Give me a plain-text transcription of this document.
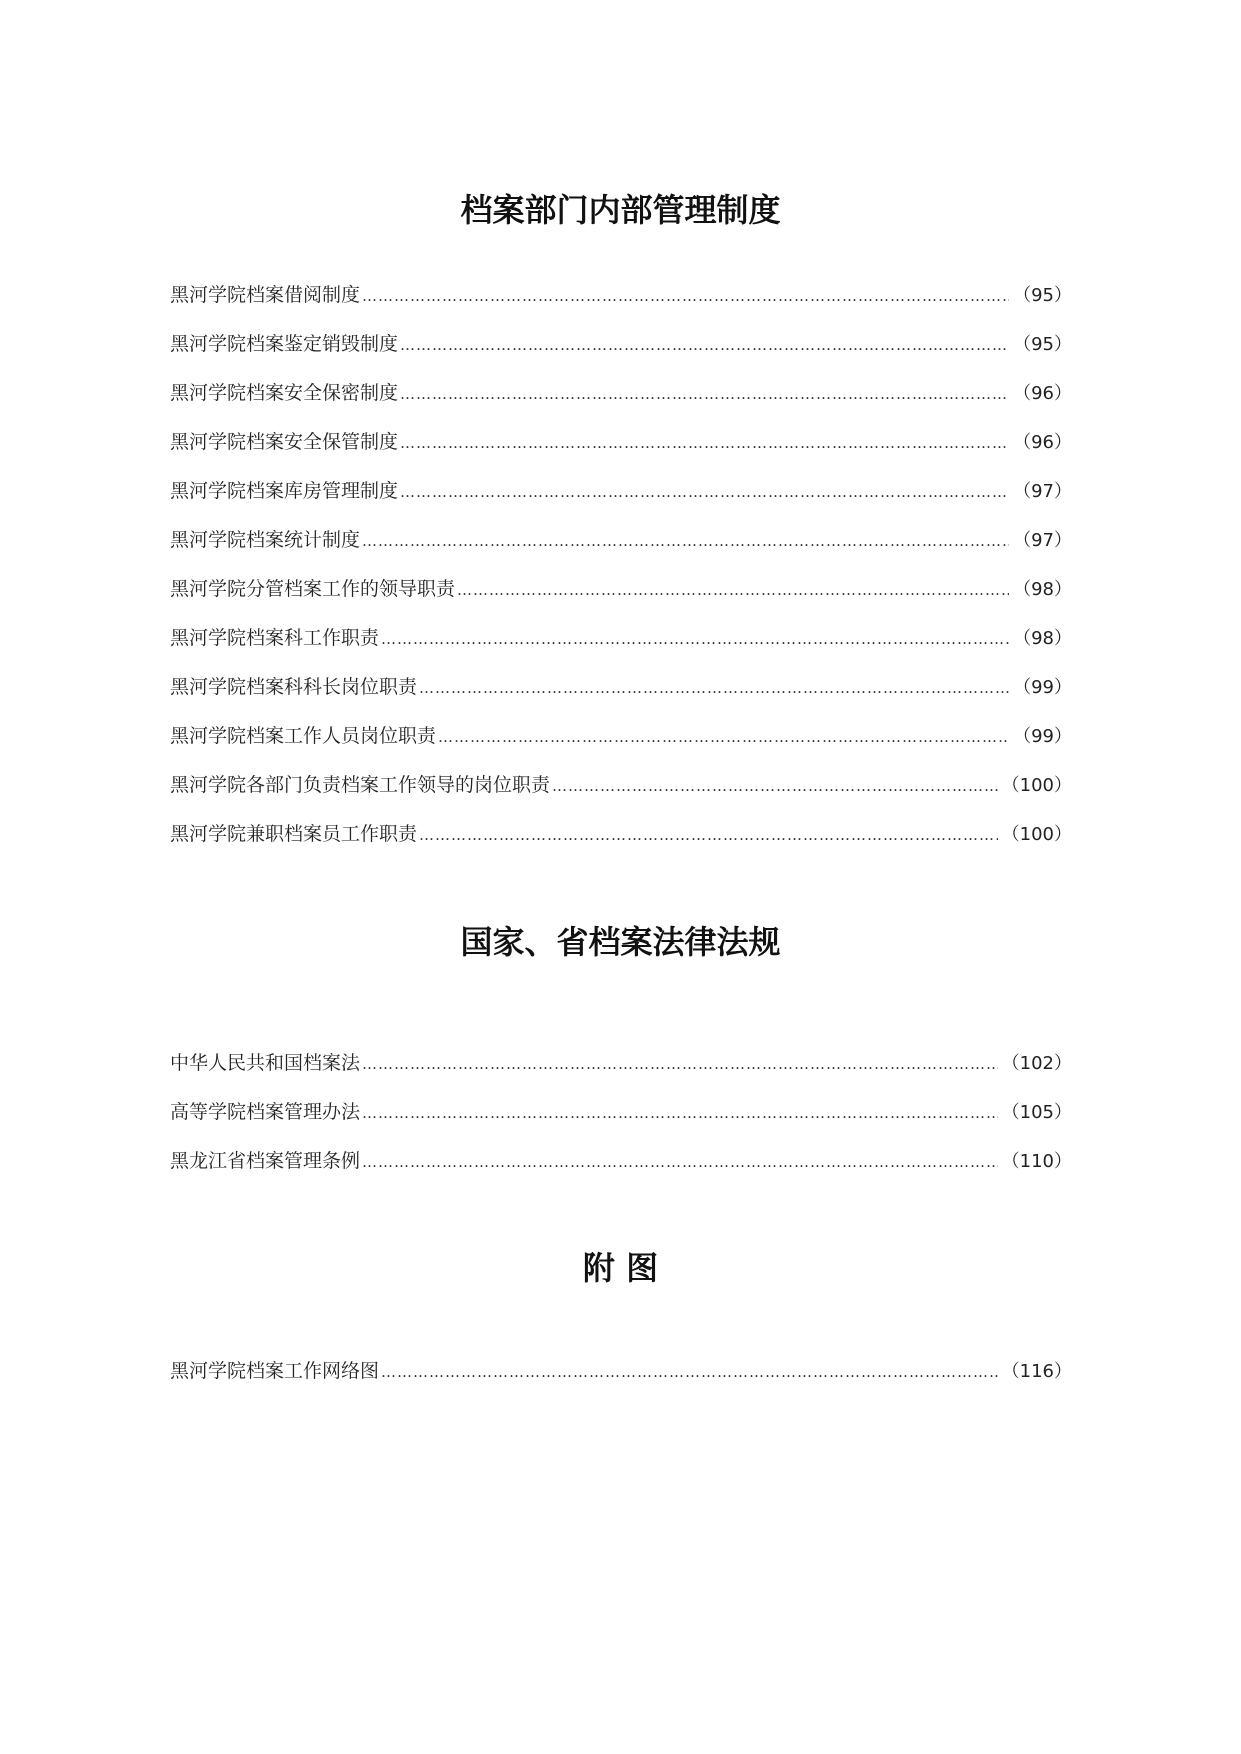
档案部门内部管理制度
黑河学院档案借阅制度 …………………………………………………………………………………………………………………………………………………………………………………………………………………………………………	（95）
黑河学院档案鉴定销毁制度 …………………………………………………………………………………………………………………………………………………………………………………………………………………………………………	（95）
黑河学院档案安全保密制度 …………………………………………………………………………………………………………………………………………………………………………………………………………………………………………	（96）
黑河学院档案安全保管制度 …………………………………………………………………………………………………………………………………………………………………………………………………………………………………………	（96）
黑河学院档案库房管理制度 …………………………………………………………………………………………………………………………………………………………………………………………………………………………………………	（97）
黑河学院档案统计制度 …………………………………………………………………………………………………………………………………………………………………………………………………………………………………………	（97）
黑河学院分管档案工作的领导职责 …………………………………………………………………………………………………………………………………………………………………………………………………………………………………………	（98）
黑河学院档案科工作职责 …………………………………………………………………………………………………………………………………………………………………………………………………………………………………………	（98）
黑河学院档案科科长岗位职责 …………………………………………………………………………………………………………………………………………………………………………………………………………………………………………	（99）
黑河学院档案工作人员岗位职责 …………………………………………………………………………………………………………………………………………………………………………………………………………………………………………	（99）
黑河学院各部门负责档案工作领导的岗位职责 …………………………………………………………………………………………………………………………………………………………………………………………………………………………………………	（100）
黑河学院兼职档案员工作职责 …………………………………………………………………………………………………………………………………………………………………………………………………………………………………………	（100）
国家、省档案法律法规
中华人民共和国档案法 …………………………………………………………………………………………………………………………………………………………………………………………………………………………………………	（102）
高等学院档案管理办法 …………………………………………………………………………………………………………………………………………………………………………………………………………………………………………	（105）
黑龙江省档案管理条例 …………………………………………………………………………………………………………………………………………………………………………………………………………………………………………	（110）
附 图
黑河学院档案工作网络图 …………………………………………………………………………………………………………………………………………………………………………………………………………………………………………	（116）
